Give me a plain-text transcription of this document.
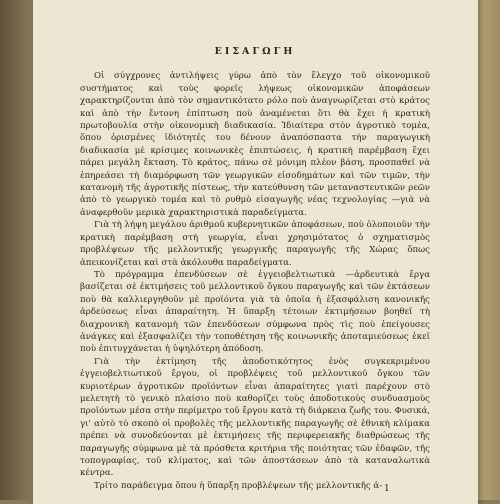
ΕΙΣΑΓΩΓΗ

Οἱ σύγχρονες ἀντιλήψεις γύρω ἀπὸ τὸν ἔλεγχο τοῦ οἰκονομικοῦ συστήματος καὶ τοὺς φορεῖς λήψεως οἰκονομικῶν ἀποφάσεων χαρακτηρίζονται ἀπὸ τὸν σημαντικότατο ρόλο ποὺ ἀναγνωρίζεται στὸ κράτος καὶ ἀπὸ τὴν ἔντονη ἐπίπτωση ποὺ ἀναμένεται ὅτι θὰ ἔχει ἡ κρατικὴ πρωτοβουλία στὴν οἰκονομικὴ διαδικασία. Ἰδιαίτερα στὸν ἀγροτικὸ τομέα, ὅπου ὁρισμένες ἰδιότητές του δένουν ἀναπόσπαστα τὴν παραγωγικὴ διαδικασία μὲ κρίσιμες κοινωνικὲς ἐπιπτώσεις, ἡ κρατικὴ παρέμβαση ἔχει πάρει μεγάλη ἔκταση. Τὸ κράτος, πάνω σὲ μόνιμη πλέον βάση, προσπαθεῖ νὰ ἐπηρεάσει τὴ διαμόρφωση τῶν γεωργικῶν εἰσοδημάτων καὶ τῶν τιμῶν, τὴν κατανομὴ τῆς ἀγροτικῆς πίστεως, τὴν κατεύθυνση τῶν μεταναστευτικῶν ρεῶν ἀπὸ τὸ γεωργικὸ τομέα καὶ τὸ ρυθμὸ εἰσαγωγῆς νέας τεχνολογίας —γιὰ νὰ ἀναφερθοῦν μερικὰ χαρακτηριστικὰ παραδείγματα.

Γιὰ τὴ λήψη μεγάλου ἀριθμοῦ κυβερνητικῶν ἀποφάσεων, ποὺ ὁλοποιοῦν τὴν κρατικὴ παρέμβαση στὴ γεωργία, εἶναι χρησιμότατος ὁ σχηματισμὸς προβλέψεων τῆς μελλοντικῆς γεωργικῆς παραγωγῆς τῆς Χώρας ὅπως ἀπεικονίζεται καὶ στὰ ἀκόλουθα παραδείγματα.

Τὸ πρόγραμμα ἐπενδύσεων σὲ ἐγγειοβελτιωτικὰ —ἀρδευτικὰ ἔργα βασίζεται σὲ ἐκτιμήσεις τοῦ μελλοντικοῦ ὄγκου παραγωγῆς καὶ τῶν ἐκτάσεων ποὺ θὰ καλλιεργηθοῦν μὲ προϊόντα γιὰ τὰ ὁποῖα ἡ ἐξασφάλιση κανονικῆς ἀρδεύσεως εἶναι ἀπαραίτητη. Ἡ ὕπαρξη τέτοιων ἐκτιμήσεων βοηθεῖ τὴ διαχρονικὴ κατανομὴ τῶν ἐπενδύσεων σύμφωνα πρὸς τὶς ποὺ ἐπείγουσες ἀνάγκες καὶ ἐξασφαλίζει τὴν τοποθέτηση τῆς κοινωνικῆς ἀποταμιεύσεως ἐκεῖ ποὺ ἐπιτυγχάνεται ἡ ὑψηλότερη ἀπόδοση.

Γιὰ τὴν ἐκτίμηση τῆς ἀποδοτικότητος ἑνὸς συγκεκριμένου ἐγγειοβελτιωτικοῦ ἔργου, οἱ προβλέψεις τοῦ μελλοντικοῦ ὄγκου τῶν κυριοτέρων ἀγροτικῶν προϊόντων εἶναι ἀπαραίτητες γιατὶ παρέχουν στὸ μελετητὴ τὸ γενικὸ πλαίσιο ποὺ καθορίζει τοὺς ἀποδοτικοὺς συνδυασμοὺς προϊόντων μέσα στὴν περίμετρο τοῦ ἔργου κατὰ τὴ διάρκεια ζωῆς του. Φυσικά, γι' αὐτὸ τὸ σκοπὸ οἱ προβολὲς τῆς μελλοντικῆς παραγωγῆς σὲ ἐθνικὴ κλίμακα πρέπει νὰ συνοδεύονται μὲ ἐκτιμήσεις τῆς περιφερειακῆς διαθρώσεως τῆς παραγωγῆς σύμφωνα μὲ τὰ πρόσθετα κριτήρια τῆς ποιότητας τῶν ἐδαφῶν, τῆς τοπογραφίας, τοῦ κλίματος, καὶ τῶν ἀποστάσεων ἀπὸ τὰ καταναλωτικὰ κέντρα.

Τρίτο παράδειγμα ὅπου ἡ ὕπαρξη προβλέψεων τῆς μελλοντικῆς ἀ- 1
